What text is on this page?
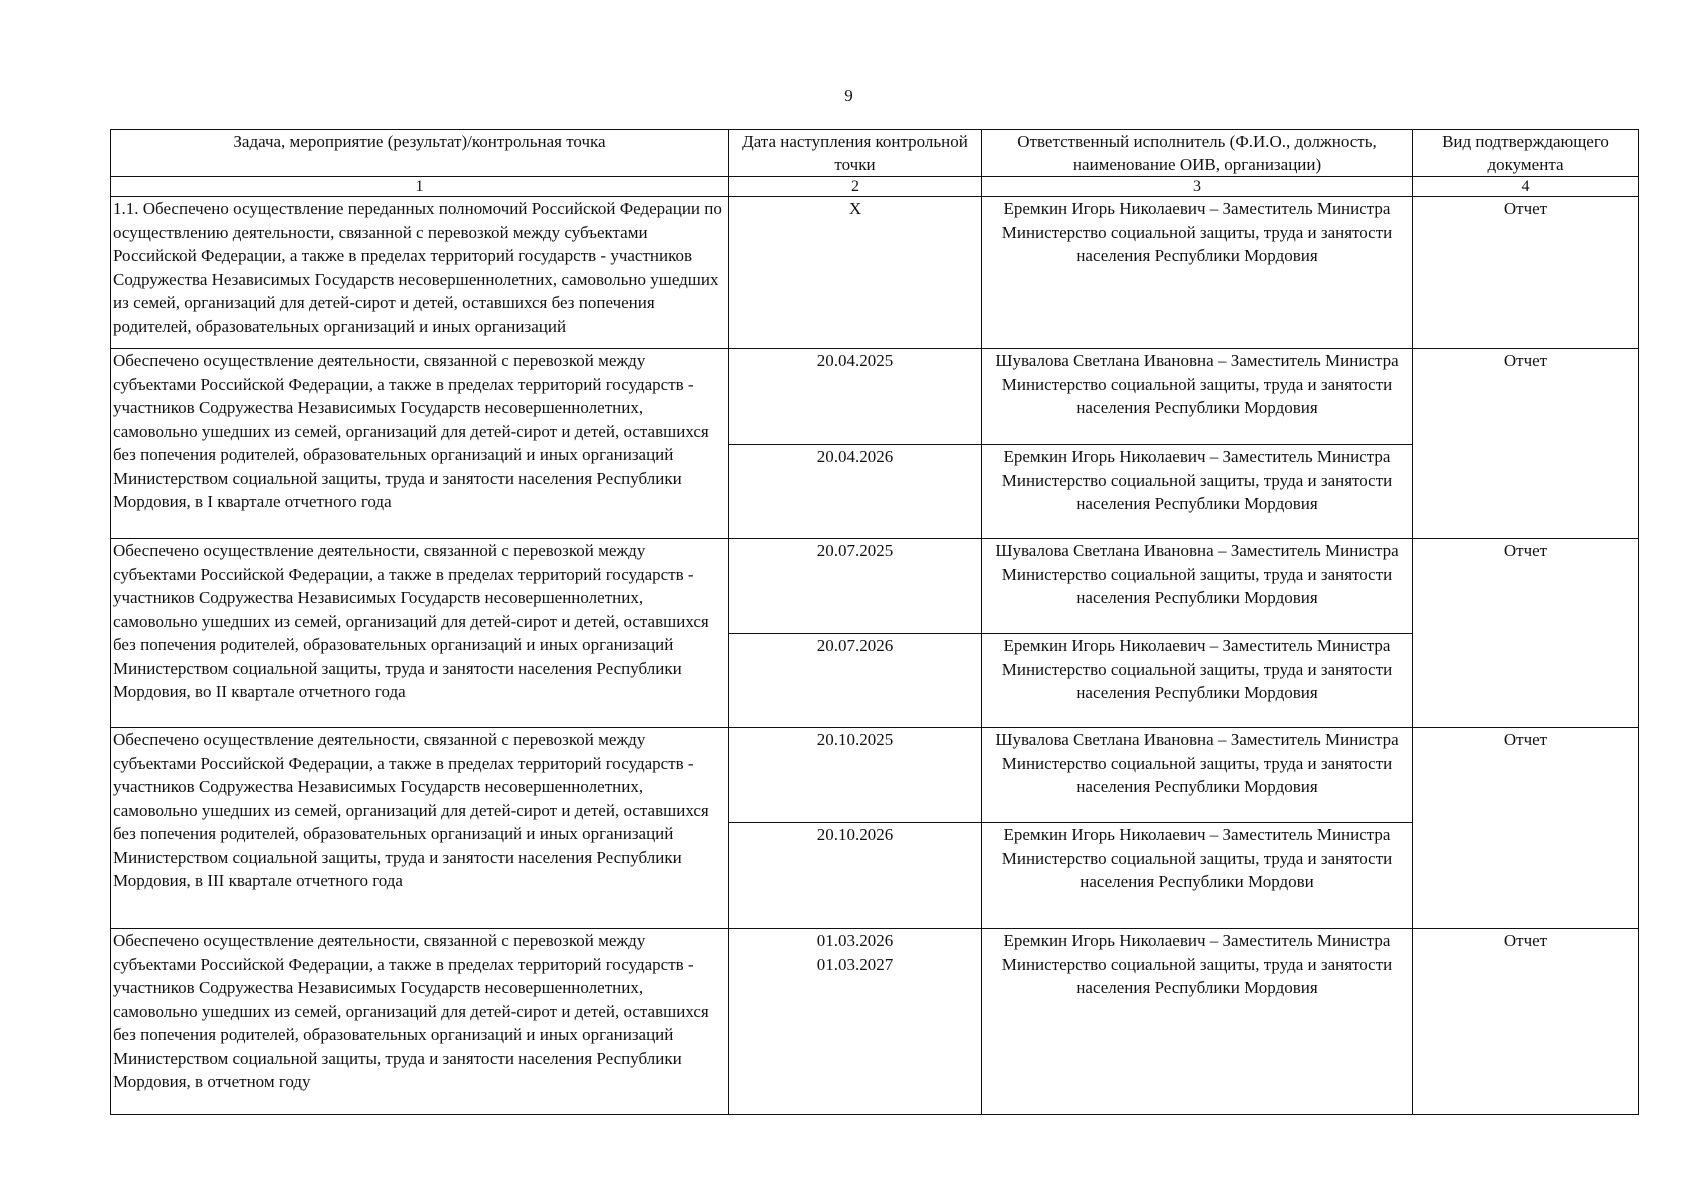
9
Задача, мероприятие (результат)/контрольная точка	Дата наступления контрольной точки	Ответственный исполнитель (Ф.И.О., должность, наименование ОИВ, организации)	Вид подтверждающего документа
1	2	3	4
1.1. Обеспечено осуществление переданных полномочий Российской Федерации по осуществлению деятельности, связанной с перевозкой между субъектами Российской Федерации, а также в пределах территорий государств - участников Содружества Независимых Государств несовершеннолетних, самовольно ушедших из семей, организаций для детей-сирот и детей, оставшихся без попечения родителей, образовательных организаций и иных организаций	X	Еремкин Игорь Николаевич – Заместитель Министра
Министерство социальной защиты, труда и занятости населения Республики Мордовия	Отчет
Обеспечено осуществление деятельности, связанной с перевозкой между субъектами Российской Федерации, а также в пределах территорий государств - участников Содружества Независимых Государств несовершеннолетних, самовольно ушедших из семей, организаций для детей-сирот и детей, оставшихся без попечения родителей, образовательных организаций и иных организаций Министерством социальной защиты, труда и занятости населения Республики Мордовия, в I квартале отчетного года	20.04.2025	Шувалова Светлана Ивановна – Заместитель Министра
Министерство социальной защиты, труда и занятости населения Республики Мордовия	Отчет
	20.04.2026	Еремкин Игорь Николаевич – Заместитель Министра
Министерство социальной защиты, труда и занятости населения Республики Мордовия	

Обеспечено осуществление деятельности, связанной с перевозкой между субъектами Российской Федерации, а также в пределах территорий государств - участников Содружества Независимых Государств несовершеннолетних, самовольно ушедших из семей, организаций для детей-сирот и детей, оставшихся без попечения родителей, образовательных организаций и иных организаций Министерством социальной защиты, труда и занятости населения Республики Мордовия, во II квартале отчетного года	20.07.2025	Шувалова Светлана Ивановна – Заместитель Министра
Министерство социальной защиты, труда и занятости населения Республики Мордовия	Отчет
	20.07.2026	Еремкин Игорь Николаевич – Заместитель Министра
Министерство социальной защиты, труда и занятости населения Республики Мордовия	

Обеспечено осуществление деятельности, связанной с перевозкой между субъектами Российской Федерации, а также в пределах территорий государств - участников Содружества Независимых Государств несовершеннолетних, самовольно ушедших из семей, организаций для детей-сирот и детей, оставшихся без попечения родителей, образовательных организаций и иных организаций Министерством социальной защиты, труда и занятости населения Республики Мордовия, в III квартале отчетного года	20.10.2025	Шувалова Светлана Ивановна – Заместитель Министра
Министерство социальной защиты, труда и занятости населения Республики Мордовия	Отчет
	20.10.2026	Еремкин Игорь Николаевич – Заместитель Министра
Министерство социальной защиты, труда и занятости населения Республики Мордови	

Обеспечено осуществление деятельности, связанной с перевозкой между субъектами Российской Федерации, а также в пределах территорий государств - участников Содружества Независимых Государств несовершеннолетних, самовольно ушедших из семей, организаций для детей-сирот и детей, оставшихся без попечения родителей, образовательных организаций и иных организаций Министерством социальной защиты, труда и занятости населения Республики Мордовия, в отчетном году	01.03.2026
01.03.2027	Еремкин Игорь Николаевич – Заместитель Министра
Министерство социальной защиты, труда и занятости населения Республики Мордовия	Отчет
